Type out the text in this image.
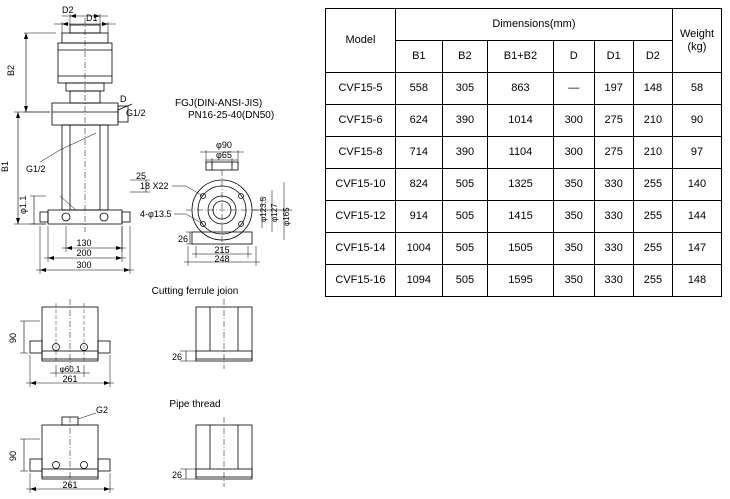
D2
D1
B2
B1
φ1.1
D
G1/2
G1/2
25
130
200
300
FGJ(DIN-ANSI-JIS)
PN16-25-40(DN50)
φ90
φ65
18 X22
4-φ13.5	φ123.5 φ127 φ165
26
215
248
Cutting ferrule joion
Pipe thread
90
φ60.1
261
26
90
G2
261
26
Model	Dimensions(mm)						Weight
(kg)

	B1	B2	B1+B2	D	D1	D2	
CVF15-5	558	305	863	—	197	148	58
CVF15-6	624	390	1014	300	275	210	90
CVF15-8	714	390	1104	300	275	210	97
CVF15-10	824	505	1325	350	330	255	140
CVF15-12	914	505	1415	350	330	255	144
CVF15-14	1004	505	1505	350	330	255	147
CVF15-16	1094	505	1595	350	330	255	148
